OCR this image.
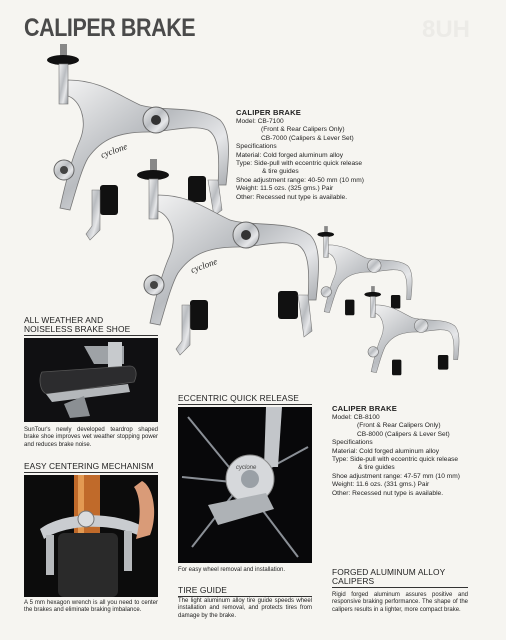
CALIPER BRAKE	8UH
cyclone
cyclone
CALIPER BRAKE
Model: CB-7100
(Front & Rear Calipers Only)
CB-7000 (Calipers & Lever Set)
Specifications
Material: Cold forged aluminum alloy
Type: Side-pull with eccentric quick release
& tire guides
Shoe adjustment range: 40-50 mm (10 mm)
Weight: 11.5 ozs. (325 gms.) Pair
Other: Recessed nut type is available.
CALIPER BRAKE
Model: CB-8100
(Front & Rear Calipers Only)
CB-8000 (Calipers & Lever Set)
Specifications
Material: Cold forged aluminum alloy
Type: Side-pull with eccentric quick release
& tire guides
Shoe adjustment range: 47-57 mm (10 mm)
Weight: 11.6 ozs. (331 gms.) Pair
Other: Recessed nut type is available.
ALL WEATHER AND
NOISELESS BRAKE SHOE
SunTour's newly developed teardrop shaped brake shoe improves wet weather stopping power and reduces brake noise.
EASY CENTERING MECHANISM
A 5 mm hexagon wrench is all you need to center the brakes and eliminate braking imbalance.
ECCENTRIC QUICK RELEASE
cyclone
For easy wheel removal and installation.
TIRE GUIDE
The light aluminum alloy tire guide speeds wheel installation and removal, and protects tires from damage by the brake.
FORGED ALUMINUM ALLOY
CALIPERS
Rigid forged aluminum assures positive and responsive braking performance. The shape of the calipers results in a lighter, more compact brake.
